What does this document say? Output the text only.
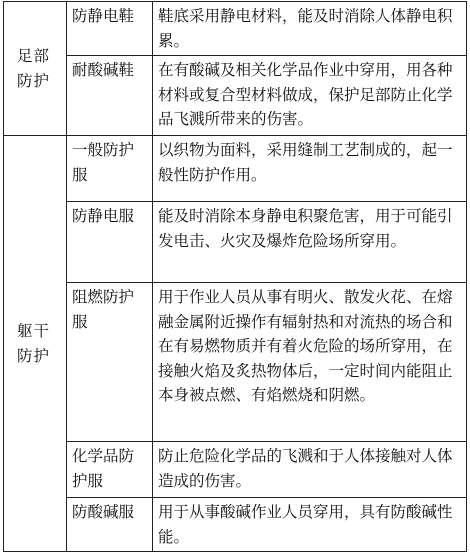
足部防护	防静电鞋	鞋底采用静电材料，能及时消除人体静电积累。
	耐酸碱鞋	在有酸碱及相关化学品作业中穿用，用各种材料或复合型材料做成，保护足部防止化学品飞溅所带来的伤害。
躯干防护	一般防护服	以织物为面料，采用缝制工艺制成的，起一般性防护作用。
	防静电服	能及时消除本身静电积聚危害，用于可能引发电击、火灾及爆炸危险场所穿用。
	阻燃防护服	用于作业人员从事有明火、散发火花、在熔融金属附近操作有辐射热和对流热的场合和在有易燃物质并有着火危险的场所穿用，在接触火焰及炙热物体后，一定时间内能阻止本身被点燃、有焰燃烧和阴燃。
	化学品防护服	防止危险化学品的飞溅和于人体接触对人体造成的伤害。
	防酸碱服	用于从事酸碱作业人员穿用，具有防酸碱性能。
